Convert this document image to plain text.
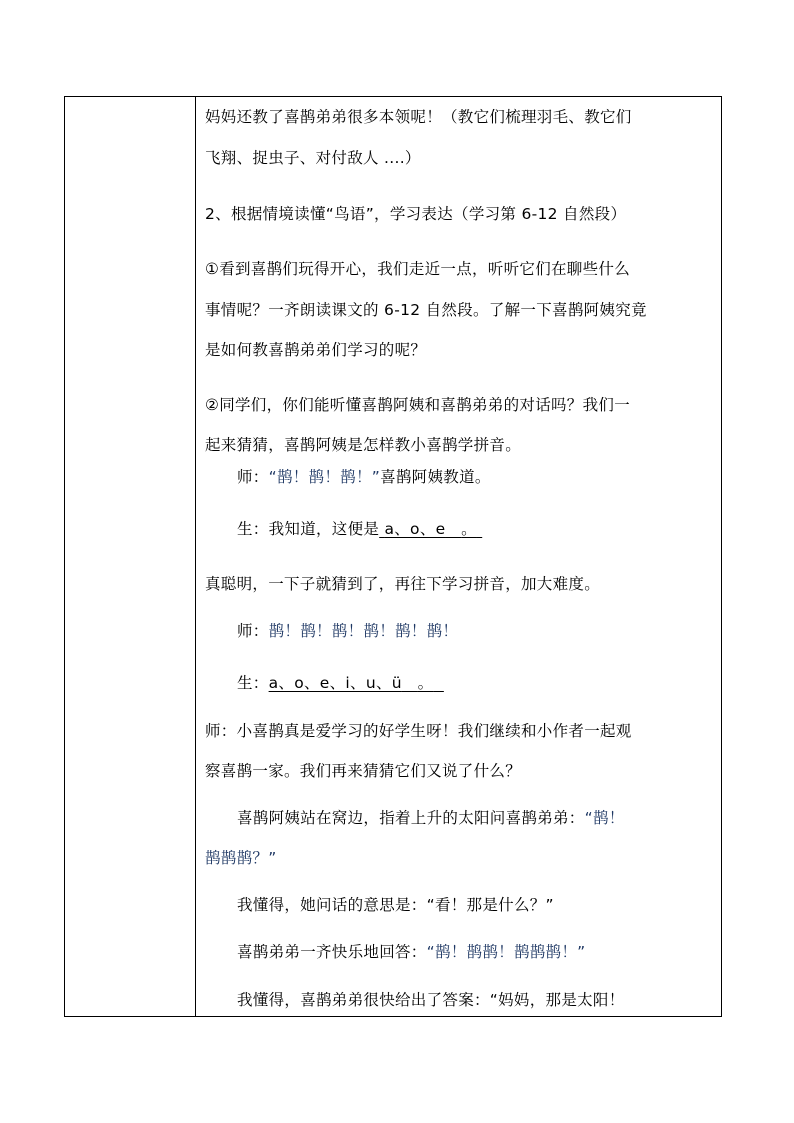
妈妈还教了喜鹊弟弟很多本领呢！（教它们梳理羽毛、教它们
飞翔、捉虫子、对付敌人 ....）
2、根据情境读懂“鸟语”，学习表达（学习第 6-12 自然段）
①看到喜鹊们玩得开心，我们走近一点，听听它们在聊些什么
事情呢？一齐朗读课文的 6-12 自然段。了解一下喜鹊阿姨究竟
是如何教喜鹊弟弟们学习的呢？
②同学们，你们能听懂喜鹊阿姨和喜鹊弟弟的对话吗？我们一
起来猜猜，喜鹊阿姨是怎样教小喜鹊学拼音。
师：“鹊！鹊！鹊！”喜鹊阿姨教道。
生：我知道，这便是 a、o、e 。
真聪明，一下子就猜到了，再往下学习拼音，加大难度。
师：鹊！鹊！鹊！鹊！鹊！鹊！
生：a、o、e、i、u、ü 。
师：小喜鹊真是爱学习的好学生呀！我们继续和小作者一起观
察喜鹊一家。我们再来猜猜它们又说了什么？
喜鹊阿姨站在窝边，指着上升的太阳问喜鹊弟弟：“鹊！
鹊鹊鹊？”
我懂得，她问话的意思是：“看！那是什么？”
喜鹊弟弟一齐快乐地回答：“鹊！鹊鹊！鹊鹊鹊！”
我懂得，喜鹊弟弟很快给出了答案：“妈妈，那是太阳！
